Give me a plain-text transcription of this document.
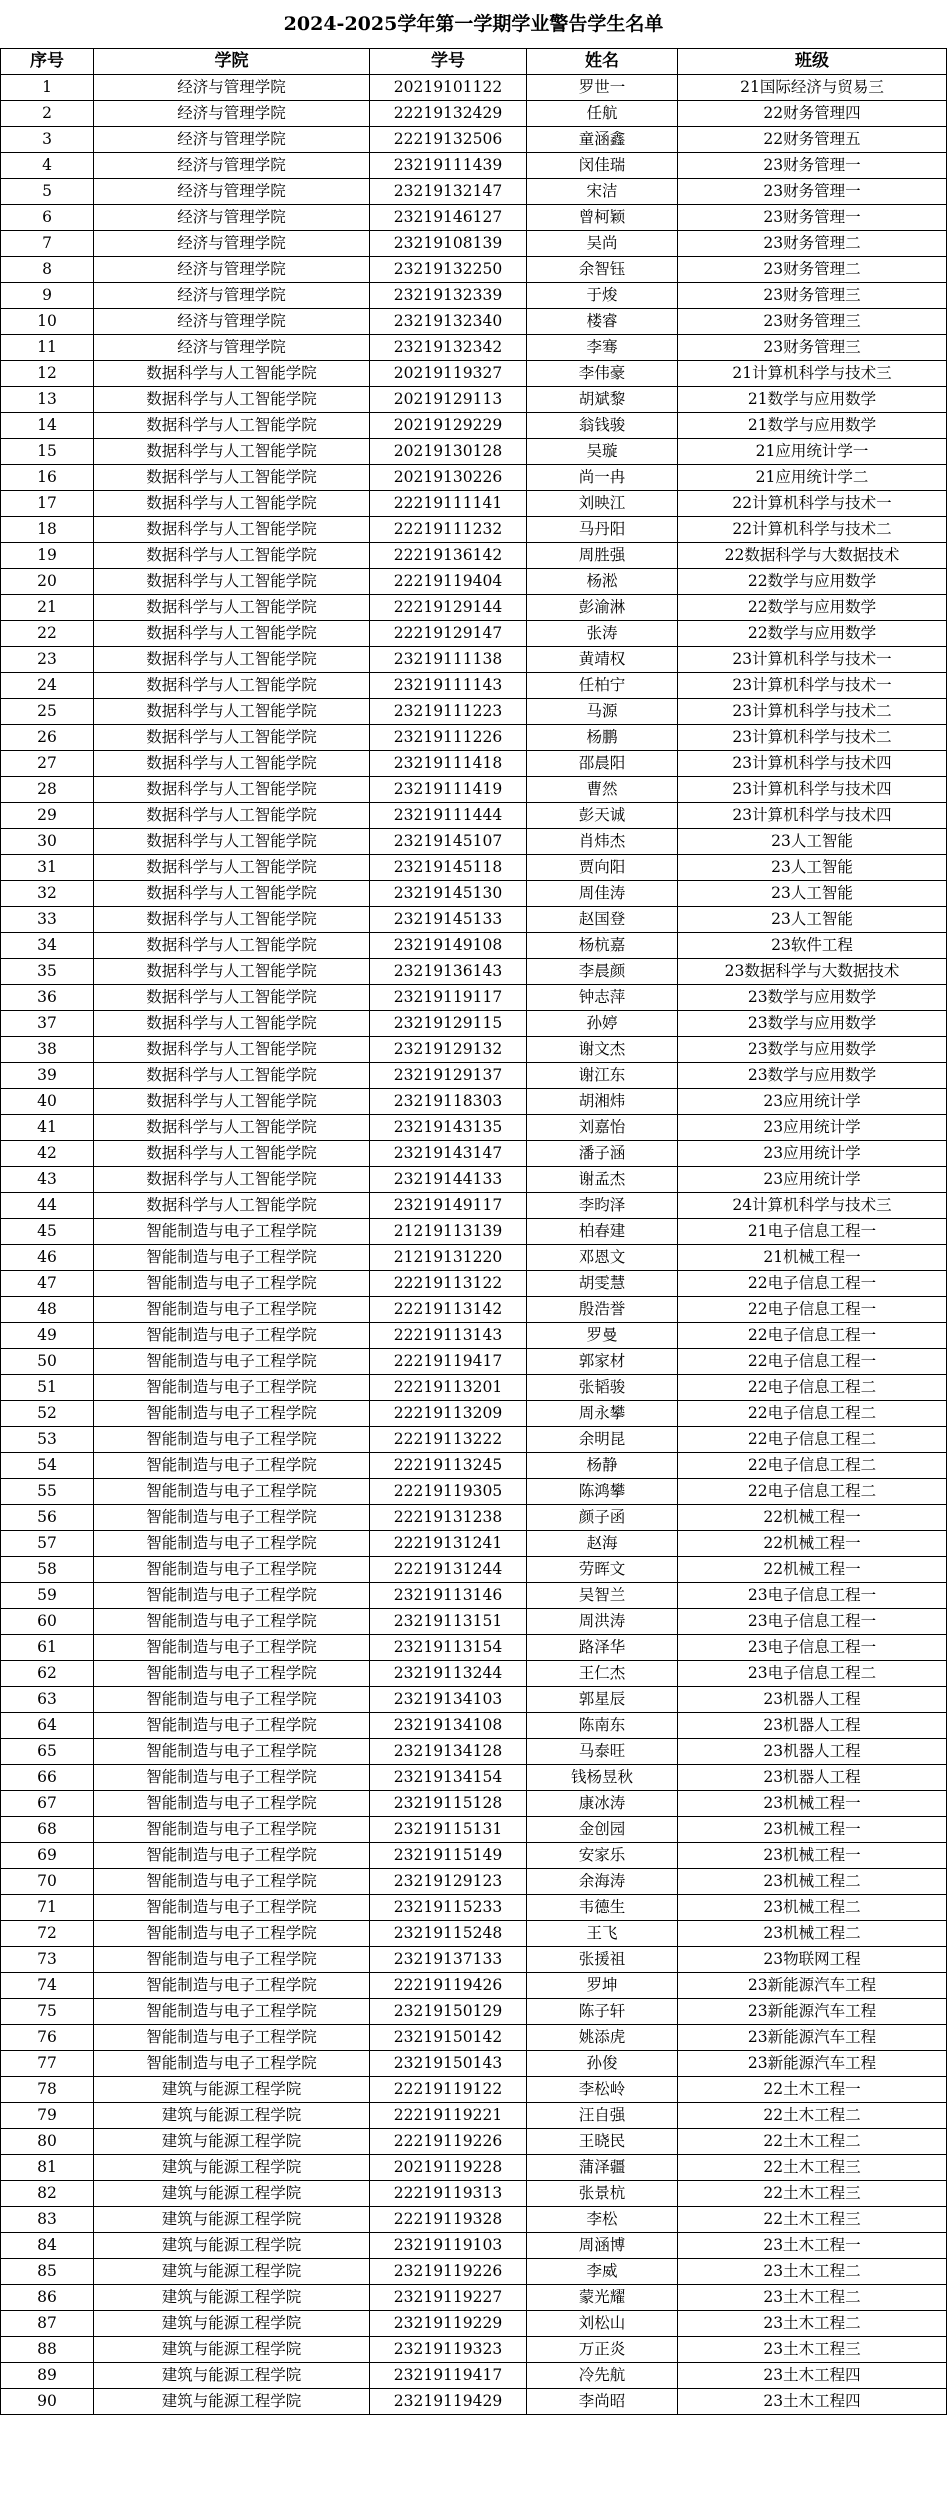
2024-2025学年第一学期学业警告学生名单
序号	学院	学号	姓名	班级
1	经济与管理学院	20219101122	罗世一	21国际经济与贸易三
2	经济与管理学院	22219132429	任航	22财务管理四
3	经济与管理学院	22219132506	童涵鑫	22财务管理五
4	经济与管理学院	23219111439	闵佳瑞	23财务管理一
5	经济与管理学院	23219132147	宋洁	23财务管理一
6	经济与管理学院	23219146127	曾柯颖	23财务管理一
7	经济与管理学院	23219108139	吴尚	23财务管理二
8	经济与管理学院	23219132250	余智钰	23财务管理二
9	经济与管理学院	23219132339	于焌	23财务管理三
10	经济与管理学院	23219132340	楼睿	23财务管理三
11	经济与管理学院	23219132342	李骞	23财务管理三
12	数据科学与人工智能学院	20219119327	李伟豪	21计算机科学与技术三
13	数据科学与人工智能学院	20219129113	胡斌黎	21数学与应用数学
14	数据科学与人工智能学院	20219129229	翁钱骏	21数学与应用数学
15	数据科学与人工智能学院	20219130128	吴璇	21应用统计学一
16	数据科学与人工智能学院	20219130226	尚一冉	21应用统计学二
17	数据科学与人工智能学院	22219111141	刘映江	22计算机科学与技术一
18	数据科学与人工智能学院	22219111232	马丹阳	22计算机科学与技术二
19	数据科学与人工智能学院	22219136142	周胜强	22数据科学与大数据技术
20	数据科学与人工智能学院	22219119404	杨淞	22数学与应用数学
21	数据科学与人工智能学院	22219129144	彭渝淋	22数学与应用数学
22	数据科学与人工智能学院	22219129147	张涛	22数学与应用数学
23	数据科学与人工智能学院	23219111138	黄靖权	23计算机科学与技术一
24	数据科学与人工智能学院	23219111143	任柏宁	23计算机科学与技术一
25	数据科学与人工智能学院	23219111223	马源	23计算机科学与技术二
26	数据科学与人工智能学院	23219111226	杨鹏	23计算机科学与技术二
27	数据科学与人工智能学院	23219111418	邵晨阳	23计算机科学与技术四
28	数据科学与人工智能学院	23219111419	曹然	23计算机科学与技术四
29	数据科学与人工智能学院	23219111444	彭天诚	23计算机科学与技术四
30	数据科学与人工智能学院	23219145107	肖炜杰	23人工智能
31	数据科学与人工智能学院	23219145118	贾向阳	23人工智能
32	数据科学与人工智能学院	23219145130	周佳涛	23人工智能
33	数据科学与人工智能学院	23219145133	赵国登	23人工智能
34	数据科学与人工智能学院	23219149108	杨杭嘉	23软件工程
35	数据科学与人工智能学院	23219136143	李晨颜	23数据科学与大数据技术
36	数据科学与人工智能学院	23219119117	钟志萍	23数学与应用数学
37	数据科学与人工智能学院	23219129115	孙婷	23数学与应用数学
38	数据科学与人工智能学院	23219129132	谢文杰	23数学与应用数学
39	数据科学与人工智能学院	23219129137	谢江东	23数学与应用数学
40	数据科学与人工智能学院	23219118303	胡湘炜	23应用统计学
41	数据科学与人工智能学院	23219143135	刘嘉怡	23应用统计学
42	数据科学与人工智能学院	23219143147	潘子涵	23应用统计学
43	数据科学与人工智能学院	23219144133	谢孟杰	23应用统计学
44	数据科学与人工智能学院	23219149117	李昀泽	24计算机科学与技术三
45	智能制造与电子工程学院	21219113139	柏春建	21电子信息工程一
46	智能制造与电子工程学院	21219131220	邓恩文	21机械工程一
47	智能制造与电子工程学院	22219113122	胡雯慧	22电子信息工程一
48	智能制造与电子工程学院	22219113142	殷浩誉	22电子信息工程一
49	智能制造与电子工程学院	22219113143	罗曼	22电子信息工程一
50	智能制造与电子工程学院	22219119417	郭家材	22电子信息工程一
51	智能制造与电子工程学院	22219113201	张韬骏	22电子信息工程二
52	智能制造与电子工程学院	22219113209	周永攀	22电子信息工程二
53	智能制造与电子工程学院	22219113222	余明昆	22电子信息工程二
54	智能制造与电子工程学院	22219113245	杨静	22电子信息工程二
55	智能制造与电子工程学院	22219119305	陈鸿攀	22电子信息工程二
56	智能制造与电子工程学院	22219131238	颜子函	22机械工程一
57	智能制造与电子工程学院	22219131241	赵海	22机械工程一
58	智能制造与电子工程学院	22219131244	劳晖文	22机械工程一
59	智能制造与电子工程学院	23219113146	吴智兰	23电子信息工程一
60	智能制造与电子工程学院	23219113151	周洪涛	23电子信息工程一
61	智能制造与电子工程学院	23219113154	路泽华	23电子信息工程一
62	智能制造与电子工程学院	23219113244	王仁杰	23电子信息工程二
63	智能制造与电子工程学院	23219134103	郭星辰	23机器人工程
64	智能制造与电子工程学院	23219134108	陈南东	23机器人工程
65	智能制造与电子工程学院	23219134128	马泰旺	23机器人工程
66	智能制造与电子工程学院	23219134154	钱杨昱秋	23机器人工程
67	智能制造与电子工程学院	23219115128	康冰涛	23机械工程一
68	智能制造与电子工程学院	23219115131	金创园	23机械工程一
69	智能制造与电子工程学院	23219115149	安家乐	23机械工程一
70	智能制造与电子工程学院	23219129123	余海涛	23机械工程二
71	智能制造与电子工程学院	23219115233	韦德生	23机械工程二
72	智能制造与电子工程学院	23219115248	王飞	23机械工程二
73	智能制造与电子工程学院	23219137133	张援祖	23物联网工程
74	智能制造与电子工程学院	22219119426	罗坤	23新能源汽车工程
75	智能制造与电子工程学院	23219150129	陈子轩	23新能源汽车工程
76	智能制造与电子工程学院	23219150142	姚添虎	23新能源汽车工程
77	智能制造与电子工程学院	23219150143	孙俊	23新能源汽车工程
78	建筑与能源工程学院	22219119122	李松岭	22土木工程一
79	建筑与能源工程学院	22219119221	汪自强	22土木工程二
80	建筑与能源工程学院	22219119226	王晓民	22土木工程二
81	建筑与能源工程学院	20219119228	蒲泽疆	22土木工程三
82	建筑与能源工程学院	22219119313	张景杭	22土木工程三
83	建筑与能源工程学院	22219119328	李松	22土木工程三
84	建筑与能源工程学院	23219119103	周涵博	23土木工程一
85	建筑与能源工程学院	23219119226	李威	23土木工程二
86	建筑与能源工程学院	23219119227	蒙光耀	23土木工程二
87	建筑与能源工程学院	23219119229	刘松山	23土木工程二
88	建筑与能源工程学院	23219119323	万正炎	23土木工程三
89	建筑与能源工程学院	23219119417	冷先航	23土木工程四
90	建筑与能源工程学院	23219119429	李尚昭	23土木工程四
